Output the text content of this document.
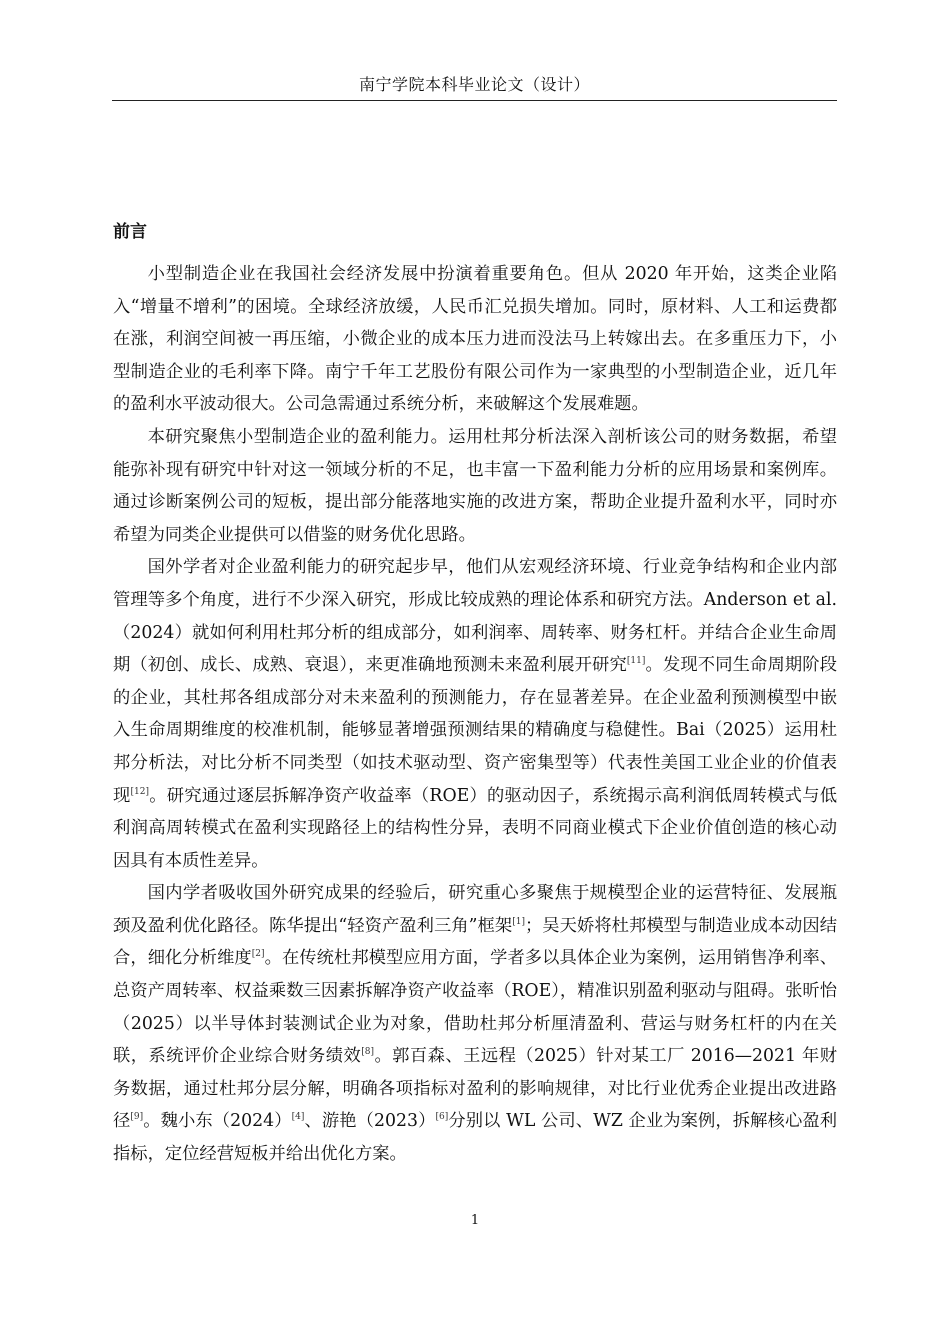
南宁学院本科毕业论文（设计）
前言

小型制造企业在我国社会经济发展中扮演着重要角色。但从 2020 年开始，这类企业陷入“增量不增利”的困境。全球经济放缓，人民币汇兑损失增加。同时，原材料、人工和运费都在涨，利润空间被一再压缩，小微企业的成本压力进而没法马上转嫁出去。在多重压力下，小型制造企业的毛利率下降。南宁千年工艺股份有限公司作为一家典型的小型制造企业，近几年的盈利水平波动很大。公司急需通过系统分析，来破解这个发展难题。

本研究聚焦小型制造企业的盈利能力。运用杜邦分析法深入剖析该公司的财务数据，希望能弥补现有研究中针对这一领域分析的不足，也丰富一下盈利能力分析的应用场景和案例库。通过诊断案例公司的短板，提出部分能落地实施的改进方案，帮助企业提升盈利水平，同时亦希望为同类企业提供可以借鉴的财务优化思路。

国外学者对企业盈利能力的研究起步早，他们从宏观经济环境、行业竞争结构和企业内部管理等多个角度，进行不少深入研究，形成比较成熟的理论体系和研究方法。Anderson et al.（2024）就如何利用杜邦分析的组成部分，如利润率、周转率、财务杠杆。并结合企业生命周期（初创、成长、成熟、衰退），来更准确地预测未来盈利展开研究[11]。发现不同生命周期阶段的企业，其杜邦各组成部分对未来盈利的预测能力，存在显著差异。在企业盈利预测模型中嵌入生命周期维度的校准机制，能够显著增强预测结果的精确度与稳健性。Bai（2025）运用杜邦分析法，对比分析不同类型（如技术驱动型、资产密集型等）代表性美国工业企业的价值表现[12]。研究通过逐层拆解净资产收益率（ROE）的驱动因子，系统揭示高利润低周转模式与低利润高周转模式在盈利实现路径上的结构性分异，表明不同商业模式下企业价值创造的核心动因具有本质性差异。

国内学者吸收国外研究成果的经验后，研究重心多聚焦于规模型企业的运营特征、发展瓶颈及盈利优化路径。陈华提出“轻资产盈利三角”框架[1]；吴天娇将杜邦模型与制造业成本动因结合，细化分析维度[2]。在传统杜邦模型应用方面，学者多以具体企业为案例，运用销售净利率、总资产周转率、权益乘数三因素拆解净资产收益率（ROE），精准识别盈利驱动与阻碍。张昕怡（2025）以半导体封装测试企业为对象，借助杜邦分析厘清盈利、营运与财务杠杆的内在关联，系统评价企业综合财务绩效[8]。郭百森、王远程（2025）针对某工厂 2016—2021 年财务数据，通过杜邦分层分解，明确各项指标对盈利的影响规律，对比行业优秀企业提出改进路径[9]。魏小东（2024）[4]、游艳（2023）[6]分别以 WL 公司、WZ 企业为案例，拆解核心盈利指标，定位经营短板并给出优化方案。

1
